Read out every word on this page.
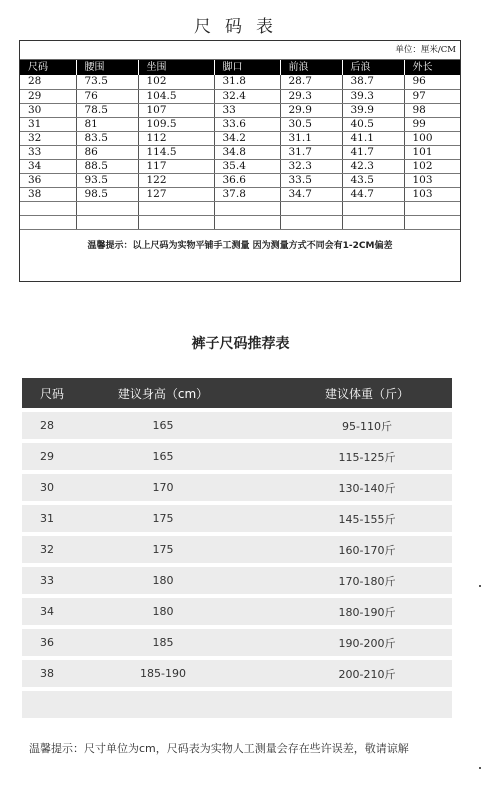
尺码表
单位：厘米/CM
尺码	腰围	坐围	脚口	前浪	后浪	外长
28	73.5	102	31.8	28.7	38.7	96
29	76	104.5	32.4	29.3	39.3	97
30	78.5	107	33	29.9	39.9	98
31	81	109.5	33.6	30.5	40.5	99
32	83.5	112	34.2	31.1	41.1	100
33	86	114.5	34.8	31.7	41.7	101
34	88.5	117	35.4	32.3	42.3	102
36	93.5	122	36.6	33.5	43.5	103
38	98.5	127	37.8	34.7	44.7	103

温馨提示：以上尺码为实物平铺手工测量 因为测量方式不同会有1-2CM偏差
裤子尺码推荐表
尺码	建议身高（cm）	建议体重（斤）
28	165	95-110斤
29	165	115-125斤
30	170	130-140斤
31	175	145-155斤
32	175	160-170斤
33	180	170-180斤
34	180	180-190斤
36	185	190-200斤
38	185-190	200-210斤
温馨提示：尺寸单位为cm，尺码表为实物人工测量会存在些许误差，敬请谅解
